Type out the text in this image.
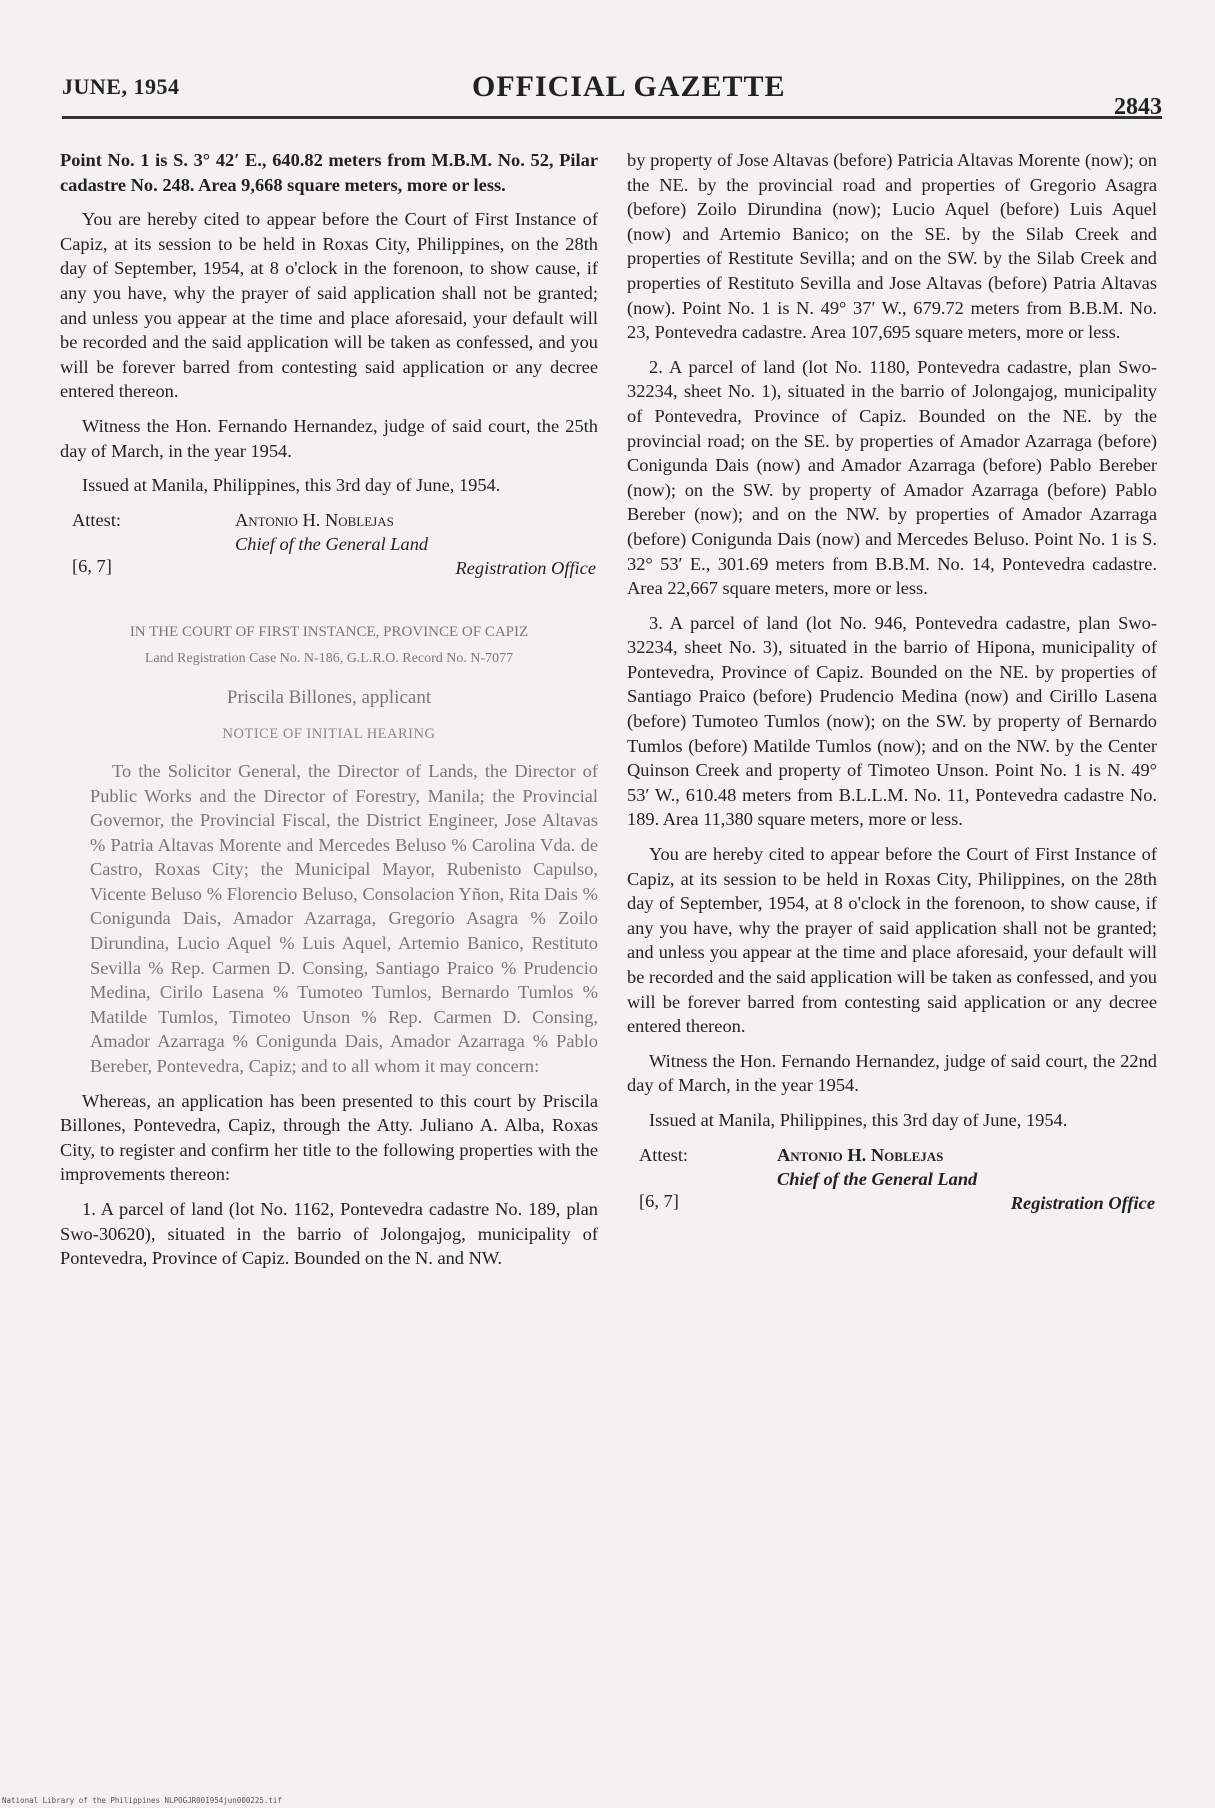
JUNE, 1954	OFFICIAL GAZETTE
2843

Point No. 1 is S. 3° 42′ E., 640.82 meters from M.B.M. No. 52, Pilar cadastre No. 248. Area 9,668 square meters, more or less.

You are hereby cited to appear before the Court of First Instance of Capiz, at its session to be held in Roxas City, Philippines, on the 28th day of September, 1954, at 8 o'clock in the forenoon, to show cause, if any you have, why the prayer of said application shall not be granted; and unless you appear at the time and place aforesaid, your default will be recorded and the said application will be taken as confessed, and you will be forever barred from contesting said application or any decree entered thereon.

Witness the Hon. Fernando Hernandez, judge of said court, the 25th day of March, in the year 1954.

Issued at Manila, Philippines, this 3rd day of June, 1954.

Attest:	Antonio H. Noblejas
Chief of the General Land
Registration Office
[6, 7]
IN THE COURT OF FIRST INSTANCE, PROVINCE OF CAPIZ
Land Registration Case No. N-186, G.L.R.O. Record No. N-7077
Priscila Billones, applicant
NOTICE OF INITIAL HEARING

To the Solicitor General, the Director of Lands, the Director of Public Works and the Director of Forestry, Manila; the Provincial Governor, the Provincial Fiscal, the District Engineer, Jose Altavas % Patria Altavas Morente and Mercedes Beluso % Carolina Vda. de Castro, Roxas City; the Municipal Mayor, Rubenisto Capulso, Vicente Beluso % Florencio Beluso, Consolacion Yñon, Rita Dais % Conigunda Dais, Amador Azarraga, Gregorio Asagra % Zoilo Dirundina, Lucio Aquel % Luis Aquel, Artemio Banico, Restituto Sevilla % Rep. Carmen D. Consing, Santiago Praico % Prudencio Medina, Cirilo Lasena % Tumoteo Tumlos, Bernardo Tumlos % Matilde Tumlos, Timoteo Unson % Rep. Carmen D. Consing, Amador Azarraga % Conigunda Dais, Amador Azarraga % Pablo Bereber, Pontevedra, Capiz; and to all whom it may concern:

Whereas, an application has been presented to this court by Priscila Billones, Pontevedra, Capiz, through the Atty. Juliano A. Alba, Roxas City, to register and confirm her title to the following properties with the improvements thereon:

1. A parcel of land (lot No. 1162, Pontevedra cadastre No. 189, plan Swo-30620), situated in the barrio of Jolongajog, municipality of Pontevedra, Province of Capiz. Bounded on the N. and NW.

by property of Jose Altavas (before) Patricia Altavas Morente (now); on the NE. by the provincial road and properties of Gregorio Asagra (before) Zoilo Dirundina (now); Lucio Aquel (before) Luis Aquel (now) and Artemio Banico; on the SE. by the Silab Creek and properties of Restitute Sevilla; and on the SW. by the Silab Creek and properties of Restituto Sevilla and Jose Altavas (before) Patria Altavas (now). Point No. 1 is N. 49° 37′ W., 679.72 meters from B.B.M. No. 23, Pontevedra cadastre. Area 107,695 square meters, more or less.

2. A parcel of land (lot No. 1180, Pontevedra cadastre, plan Swo-32234, sheet No. 1), situated in the barrio of Jolongajog, municipality of Pontevedra, Province of Capiz. Bounded on the NE. by the provincial road; on the SE. by properties of Amador Azarraga (before) Conigunda Dais (now) and Amador Azarraga (before) Pablo Bereber (now); on the SW. by property of Amador Azarraga (before) Pablo Bereber (now); and on the NW. by properties of Amador Azarraga (before) Conigunda Dais (now) and Mercedes Beluso. Point No. 1 is S. 32° 53′ E., 301.69 meters from B.B.M. No. 14, Pontevedra cadastre. Area 22,667 square meters, more or less.

3. A parcel of land (lot No. 946, Pontevedra cadastre, plan Swo-32234, sheet No. 3), situated in the barrio of Hipona, municipality of Pontevedra, Province of Capiz. Bounded on the NE. by properties of Santiago Praico (before) Prudencio Medina (now) and Cirillo Lasena (before) Tumoteo Tumlos (now); on the SW. by property of Bernardo Tumlos (before) Matilde Tumlos (now); and on the NW. by the Center Quinson Creek and property of Timoteo Unson. Point No. 1 is N. 49° 53′ W., 610.48 meters from B.L.L.M. No. 11, Pontevedra cadastre No. 189. Area 11,380 square meters, more or less.

You are hereby cited to appear before the Court of First Instance of Capiz, at its session to be held in Roxas City, Philippines, on the 28th day of September, 1954, at 8 o'clock in the forenoon, to show cause, if any you have, why the prayer of said application shall not be granted; and unless you appear at the time and place aforesaid, your default will be recorded and the said application will be taken as confessed, and you will be forever barred from contesting said application or any decree entered thereon.

Witness the Hon. Fernando Hernandez, judge of said court, the 22nd day of March, in the year 1954.

Issued at Manila, Philippines, this 3rd day of June, 1954.

Attest:	Antonio H. Noblejas
Chief of the General Land
Registration Office
[6, 7]
National Library of the Philippines NLPOGJR001954jun000225.tif
